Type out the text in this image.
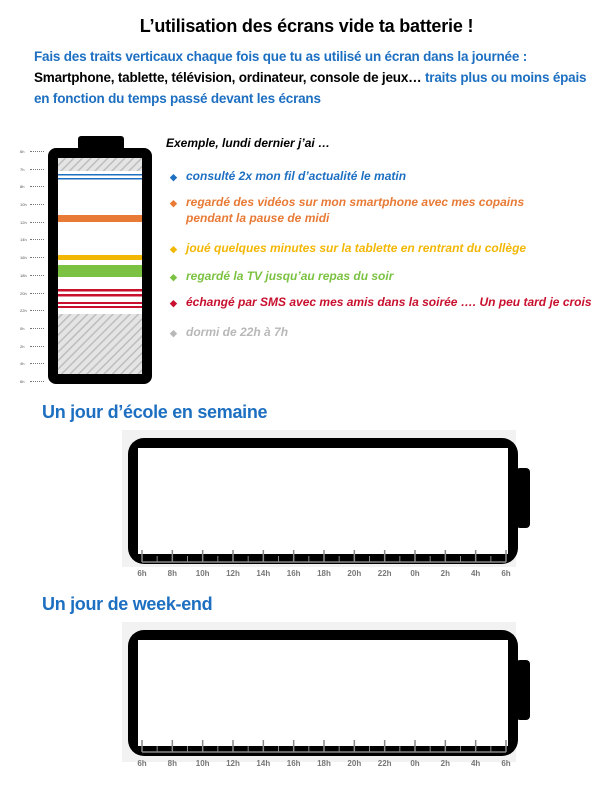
L’utilisation des écrans vide ta batterie !
Fais des traits verticaux chaque fois que tu as utilisé un écran dans la journée :
Smartphone, tablette, télévision, ordinateur, console de jeux… traits plus ou moins épais en fonction du temps passé devant les écrans
6h
7h
8h
10h
12h
14h
16h
18h
20h
22h
0h
2h
4h
6h
Exemple, lundi dernier j’ai …
◆ consulté 2x mon fil d’actualité le matin
◆ regardé des vidéos sur mon smartphone avec mes copains
pendant la pause de midi
◆ joué quelques minutes sur la tablette en rentrant du collège
◆ regardé la TV jusqu’au repas du soir
◆ échangé par SMS avec mes amis dans la soirée …. Un peu tard je crois
◆ dormi de 22h à 7h
Un jour d’école en semaine
Un jour de week-end
6h	8h	10h	12h	14h	16h	18h	20h	22h	0h	2h	4h	6h
6h	8h	10h	12h	14h	16h	18h	20h	22h	0h	2h	4h	6h
